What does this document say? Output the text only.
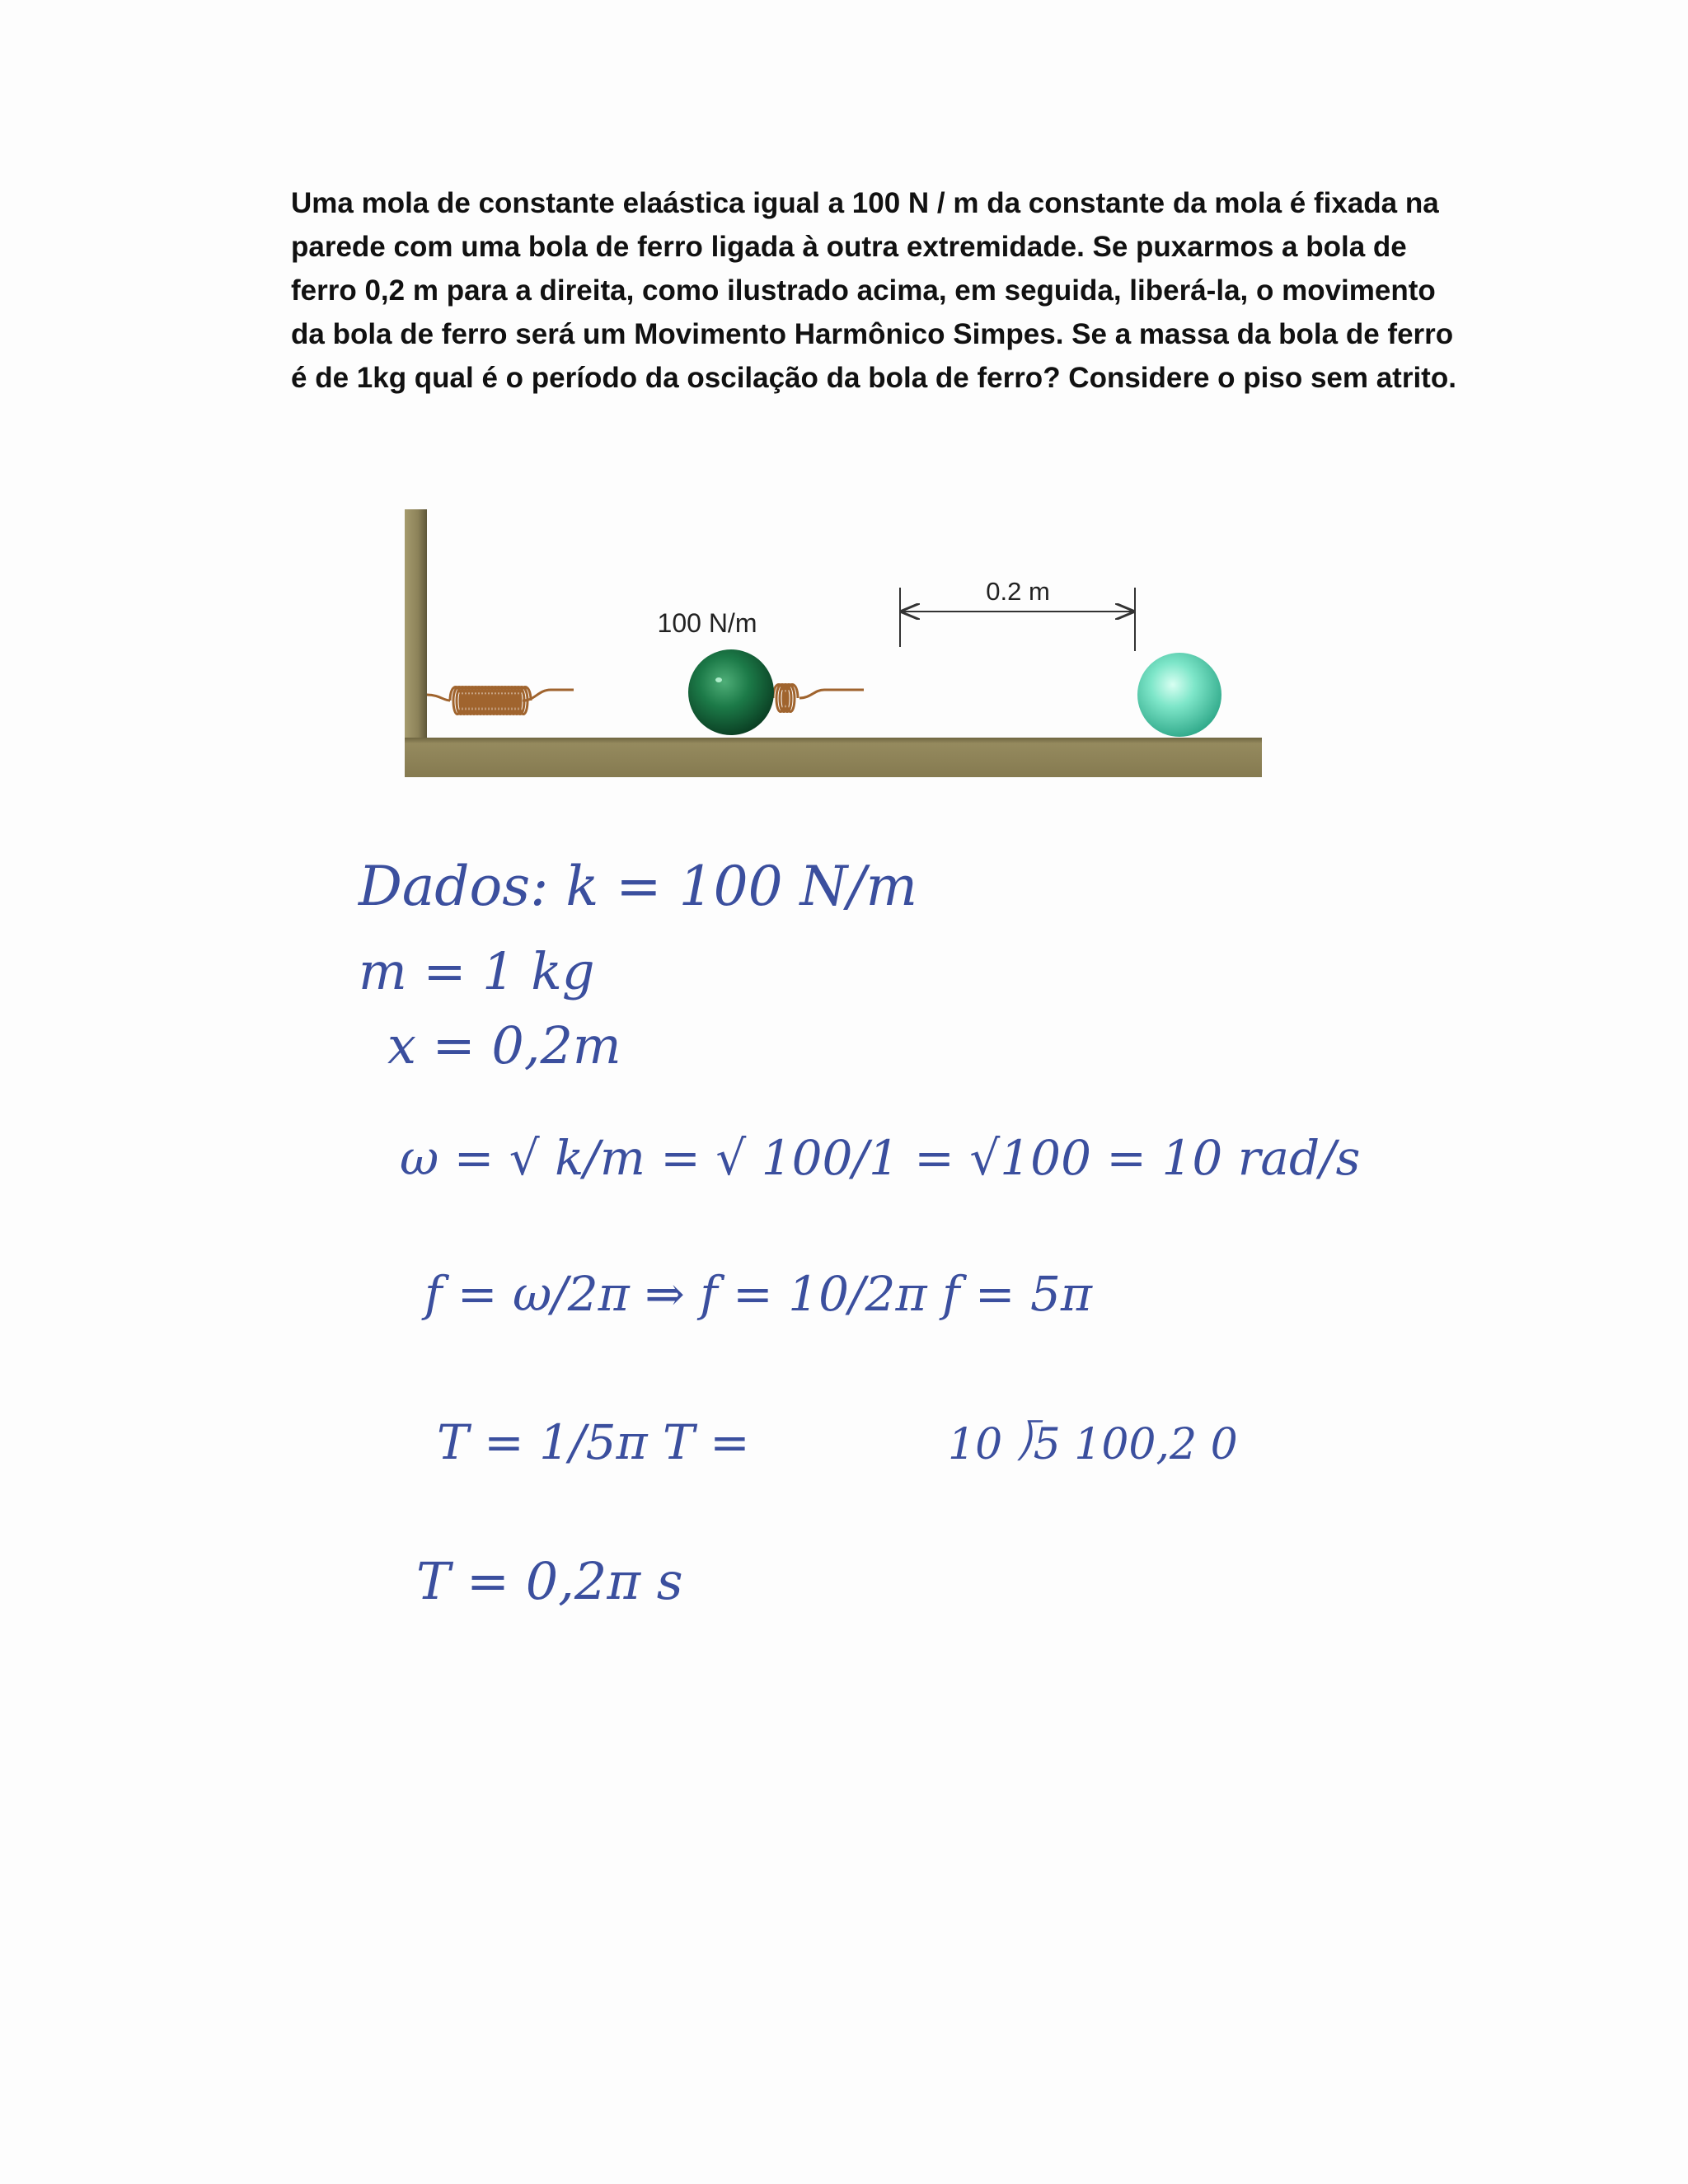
Uma mola de constante elaástica igual a 100 N / m da constante da mola é fixada na
parede com uma bola de ferro ligada à outra extremidade. Se puxarmos a bola de
ferro 0,2 m para a direita, como ilustrado acima, em seguida, liberá-la, o movimento
da bola de ferro será um Movimento Harmônico Simpes. Se a massa da bola de ferro
é de 1kg qual é o período da oscilação da bola de ferro? Considere o piso sem atrito.
0.2 m
100 N/m
Dados: k = 100 N/m
m = 1 kg
x = 0,2m
ω = √ k/m = √ 100/1 = √100 = 10 rad/s
f = ω/2π ⇒ f = 10/2π f = 5π
T = 1/5π T =	10 ⟌5 100,2 0
T = 0,2π s
